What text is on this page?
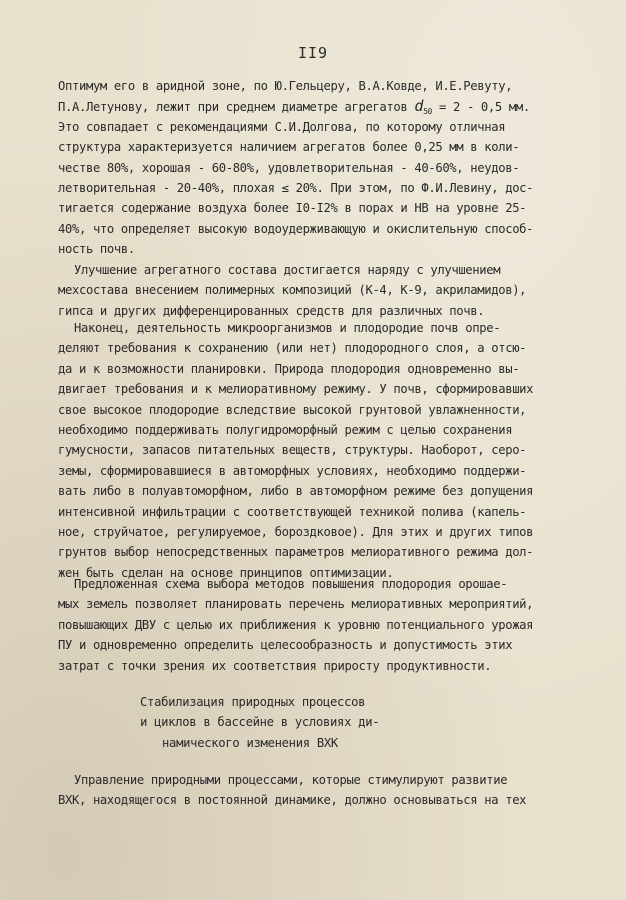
II9
Оптимум его в аридной зоне, по Ю.Гельцеру, В.А.Ковде, И.Е.Ревуту,
П.А.Летунову, лежит при среднем диаметре агрегатов $d_{50} = 2 - 0,5$ мм.
Это совпадает с рекомендациями С.И.Долгова, по которому отличная
структура характеризуется наличием агрегатов более 0,25 мм в коли-
честве 80%, хорошая - 60-80%, удовлетворительная - 40-60%, неудов-
летворительная - 20-40%, плохая ≤ 20%. При этом, по Ф.И.Левину, дос-
тигается содержание воздуха более I0-I2% в порах и НВ на уровне 25-
40%, что определяет высокую водоудерживающую и окислительную способ-
ность почв.
Улучшение агрегатного состава достигается наряду с улучшением
мехсостава внесением полимерных композиций (К-4, К-9, акриламидов),
гипса и других дифференцированных средств для различных почв.
Наконец, деятельность микроорганизмов и плодородие почв опре-
деляют требования к сохранению (или нет) плодородного слоя, а отсю-
да и к возможности планировки. Природа плодородия одновременно вы-
двигает требования и к мелиоративному режиму. У почв, сформировавших
свое высокое плодородие вследствие высокой грунтовой увлажненности,
необходимо поддерживать полугидроморфный режим с целью сохранения
гумусности, запасов питательных веществ, структуры. Наоборот, серо-
земы, сформировавшиеся в автоморфных условиях, необходимо поддержи-
вать либо в полуавтоморфном, либо в автоморфном режиме без допущения
интенсивной инфильтрации с соответствующей техникой полива (капель-
ное, струйчатое, регулируемое, бороздковое). Для этих и других типов
грунтов выбор непосредственных параметров мелиоративного режима дол-
жен быть сделан на основе принципов оптимизации.
Предложенная схема выбора методов повышения плодородия орошае-
мых земель позволяет планировать перечень мелиоративных мероприятий,
повышающих ДВУ с целью их приближения к уровню потенциального урожая
ПУ и одновременно определить целесообразность и допустимость этих
затрат с точки зрения их соответствия приросту продуктивности.
Стабилизация природных процессов
и циклов в бассейне в условиях ди-
намического изменения ВХК
Управление природными процессами, которые стимулируют развитие
ВХК, находящегося в постоянной динамике, должно основываться на тех
